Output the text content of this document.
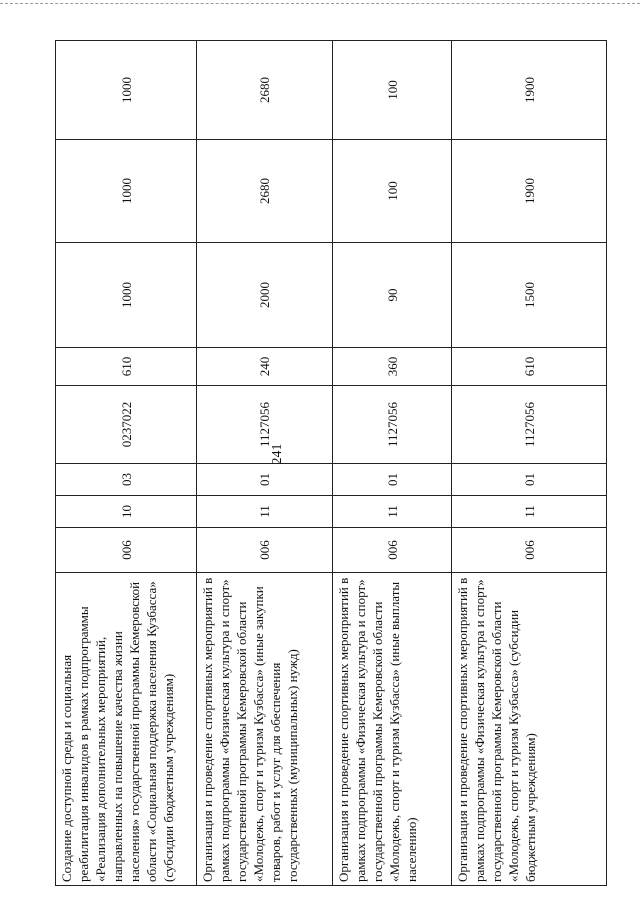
241
Создание доступной среды и социальная реабилитация инвалидов в рамках подпрограммы «Реализация дополнительных мероприятий, направленных на повышение качества жизни населения» государственной программы Кемеровской области «Социальная поддержка населения Кузбасса» (субсидии бюджетным учреждениям)	006	10	03	0237022	610	1000	1000	1000
Организация и проведение спортивных мероприятий в рамках подпрограммы «Физическая культура и спорт» государственной программы Кемеровской области «Молодежь, спорт и туризм Кузбасса» (иные закупки товаров, работ и услуг для обеспечения государственных (муниципальных) нужд)	006	11	01	1127056	240	2000	2680	2680
Организация и проведение спортивных мероприятий в рамках подпрограммы «Физическая культура и спорт» государственной программы Кемеровской области «Молодежь, спорт и туризм Кузбасса» (иные выплаты населению)	006	11	01	1127056	360	90	100	100
Организация и проведение спортивных мероприятий в рамках подпрограммы «Физическая культура и спорт» государственной программы Кемеровской области «Молодежь, спорт и туризм Кузбасса» (субсидии бюджетным учреждениям)	006	11	01	1127056	610	1500	1900	1900
